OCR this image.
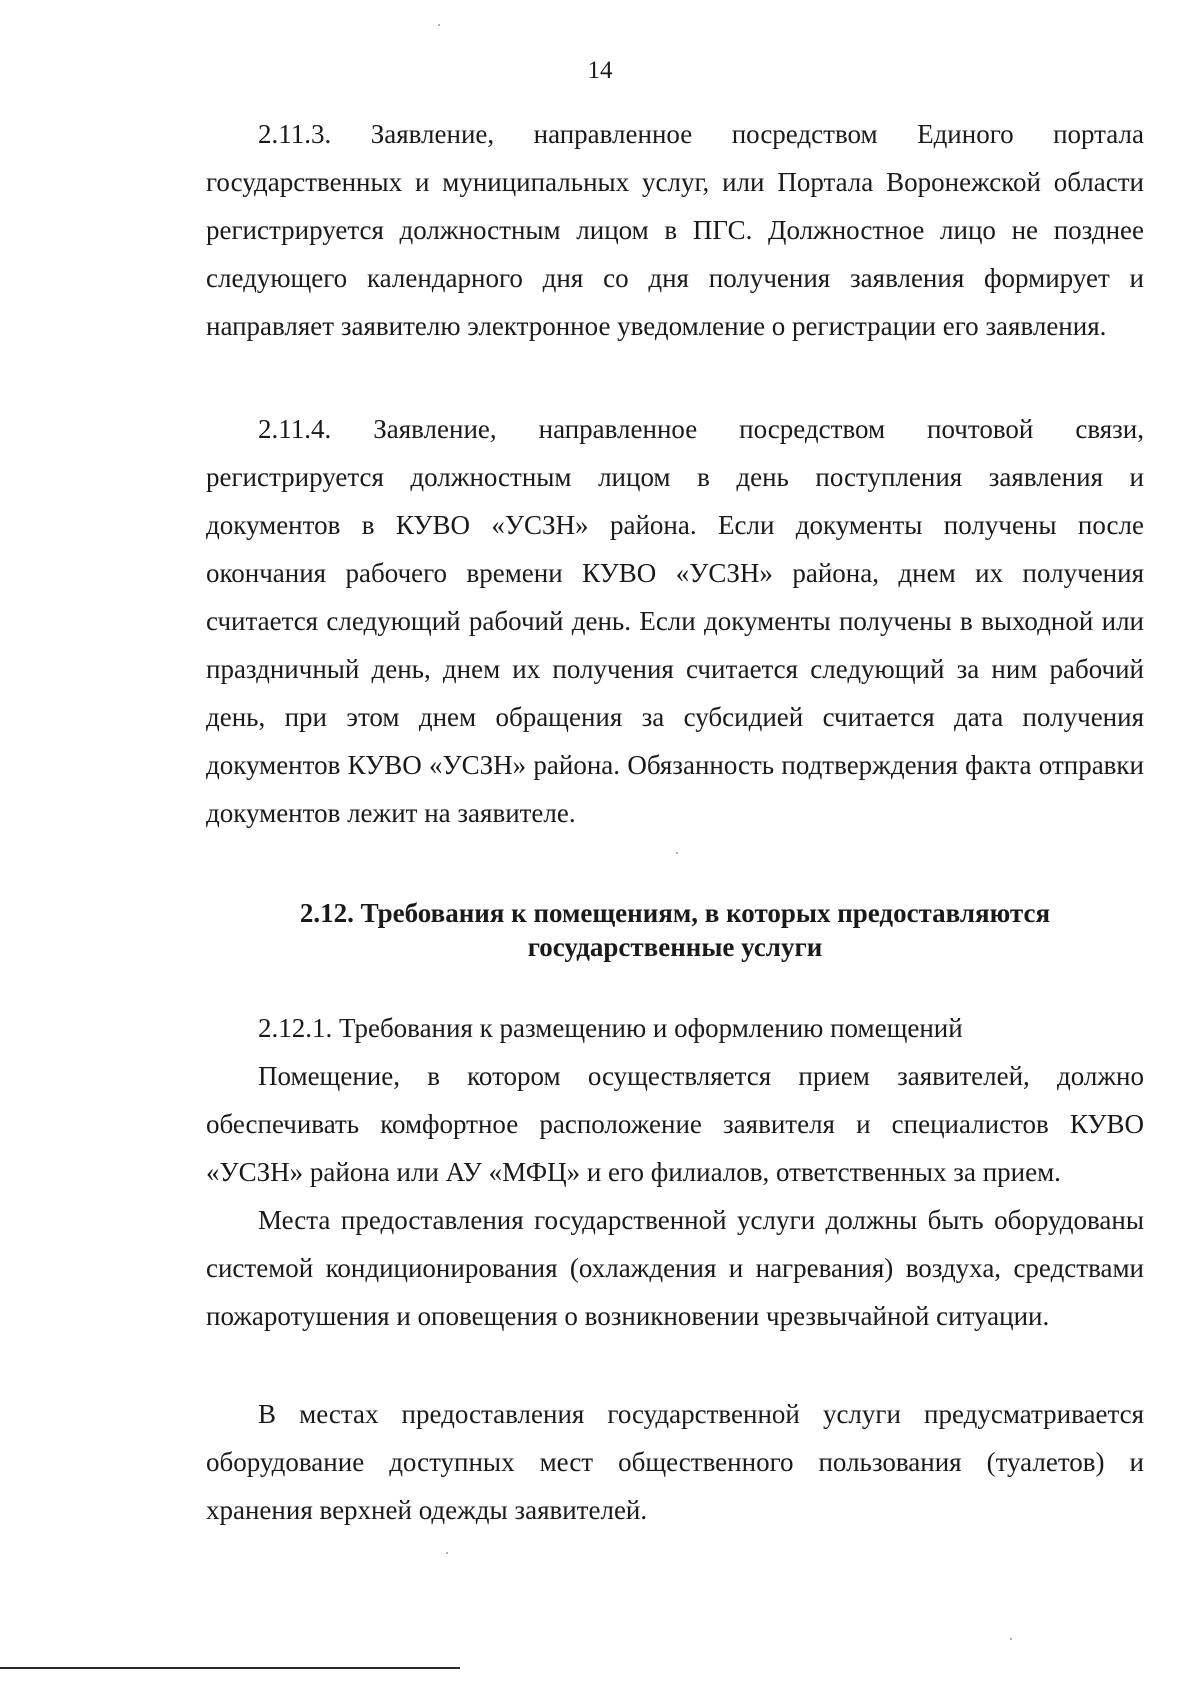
14

2.11.3. Заявление, направленное посредством Единого портала государственных и муниципальных услуг, или Портала Воронежской области регистрируется должностным лицом в ПГС. Должностное лицо не позднее следующего календарного дня со дня получения заявления формирует и направляет заявителю электронное уведомление о регистрации его заявления.

2.11.4. Заявление, направленное посредством почтовой связи, регистрируется должностным лицом в день поступления заявления и документов в КУВО «УСЗН» района. Если документы получены после окончания рабочего времени КУВО «УСЗН» района, днем их получения считается следующий рабочий день. Если документы получены в выходной или праздничный день, днем их получения считается следующий за ним рабочий день, при этом днем обращения за субсидией считается дата получения документов КУВО «УСЗН» района. Обязанность подтверждения факта отправки документов лежит на заявителе.

2.12. Требования к помещениям, в которых предоставляются
государственные услуги

2.12.1. Требования к размещению и оформлению помещений

Помещение, в котором осуществляется прием заявителей, должно обеспечивать комфортное расположение заявителя и специалистов КУВО «УСЗН» района или АУ «МФЦ» и его филиалов, ответственных за прием.

Места предоставления государственной услуги должны быть оборудованы системой кондиционирования (охлаждения и нагревания) воздуха, средствами пожаротушения и оповещения о возникновении чрезвычайной ситуации.

В местах предоставления государственной услуги предусматривается оборудование доступных мест общественного пользования (туалетов) и хранения верхней одежды заявителей.
